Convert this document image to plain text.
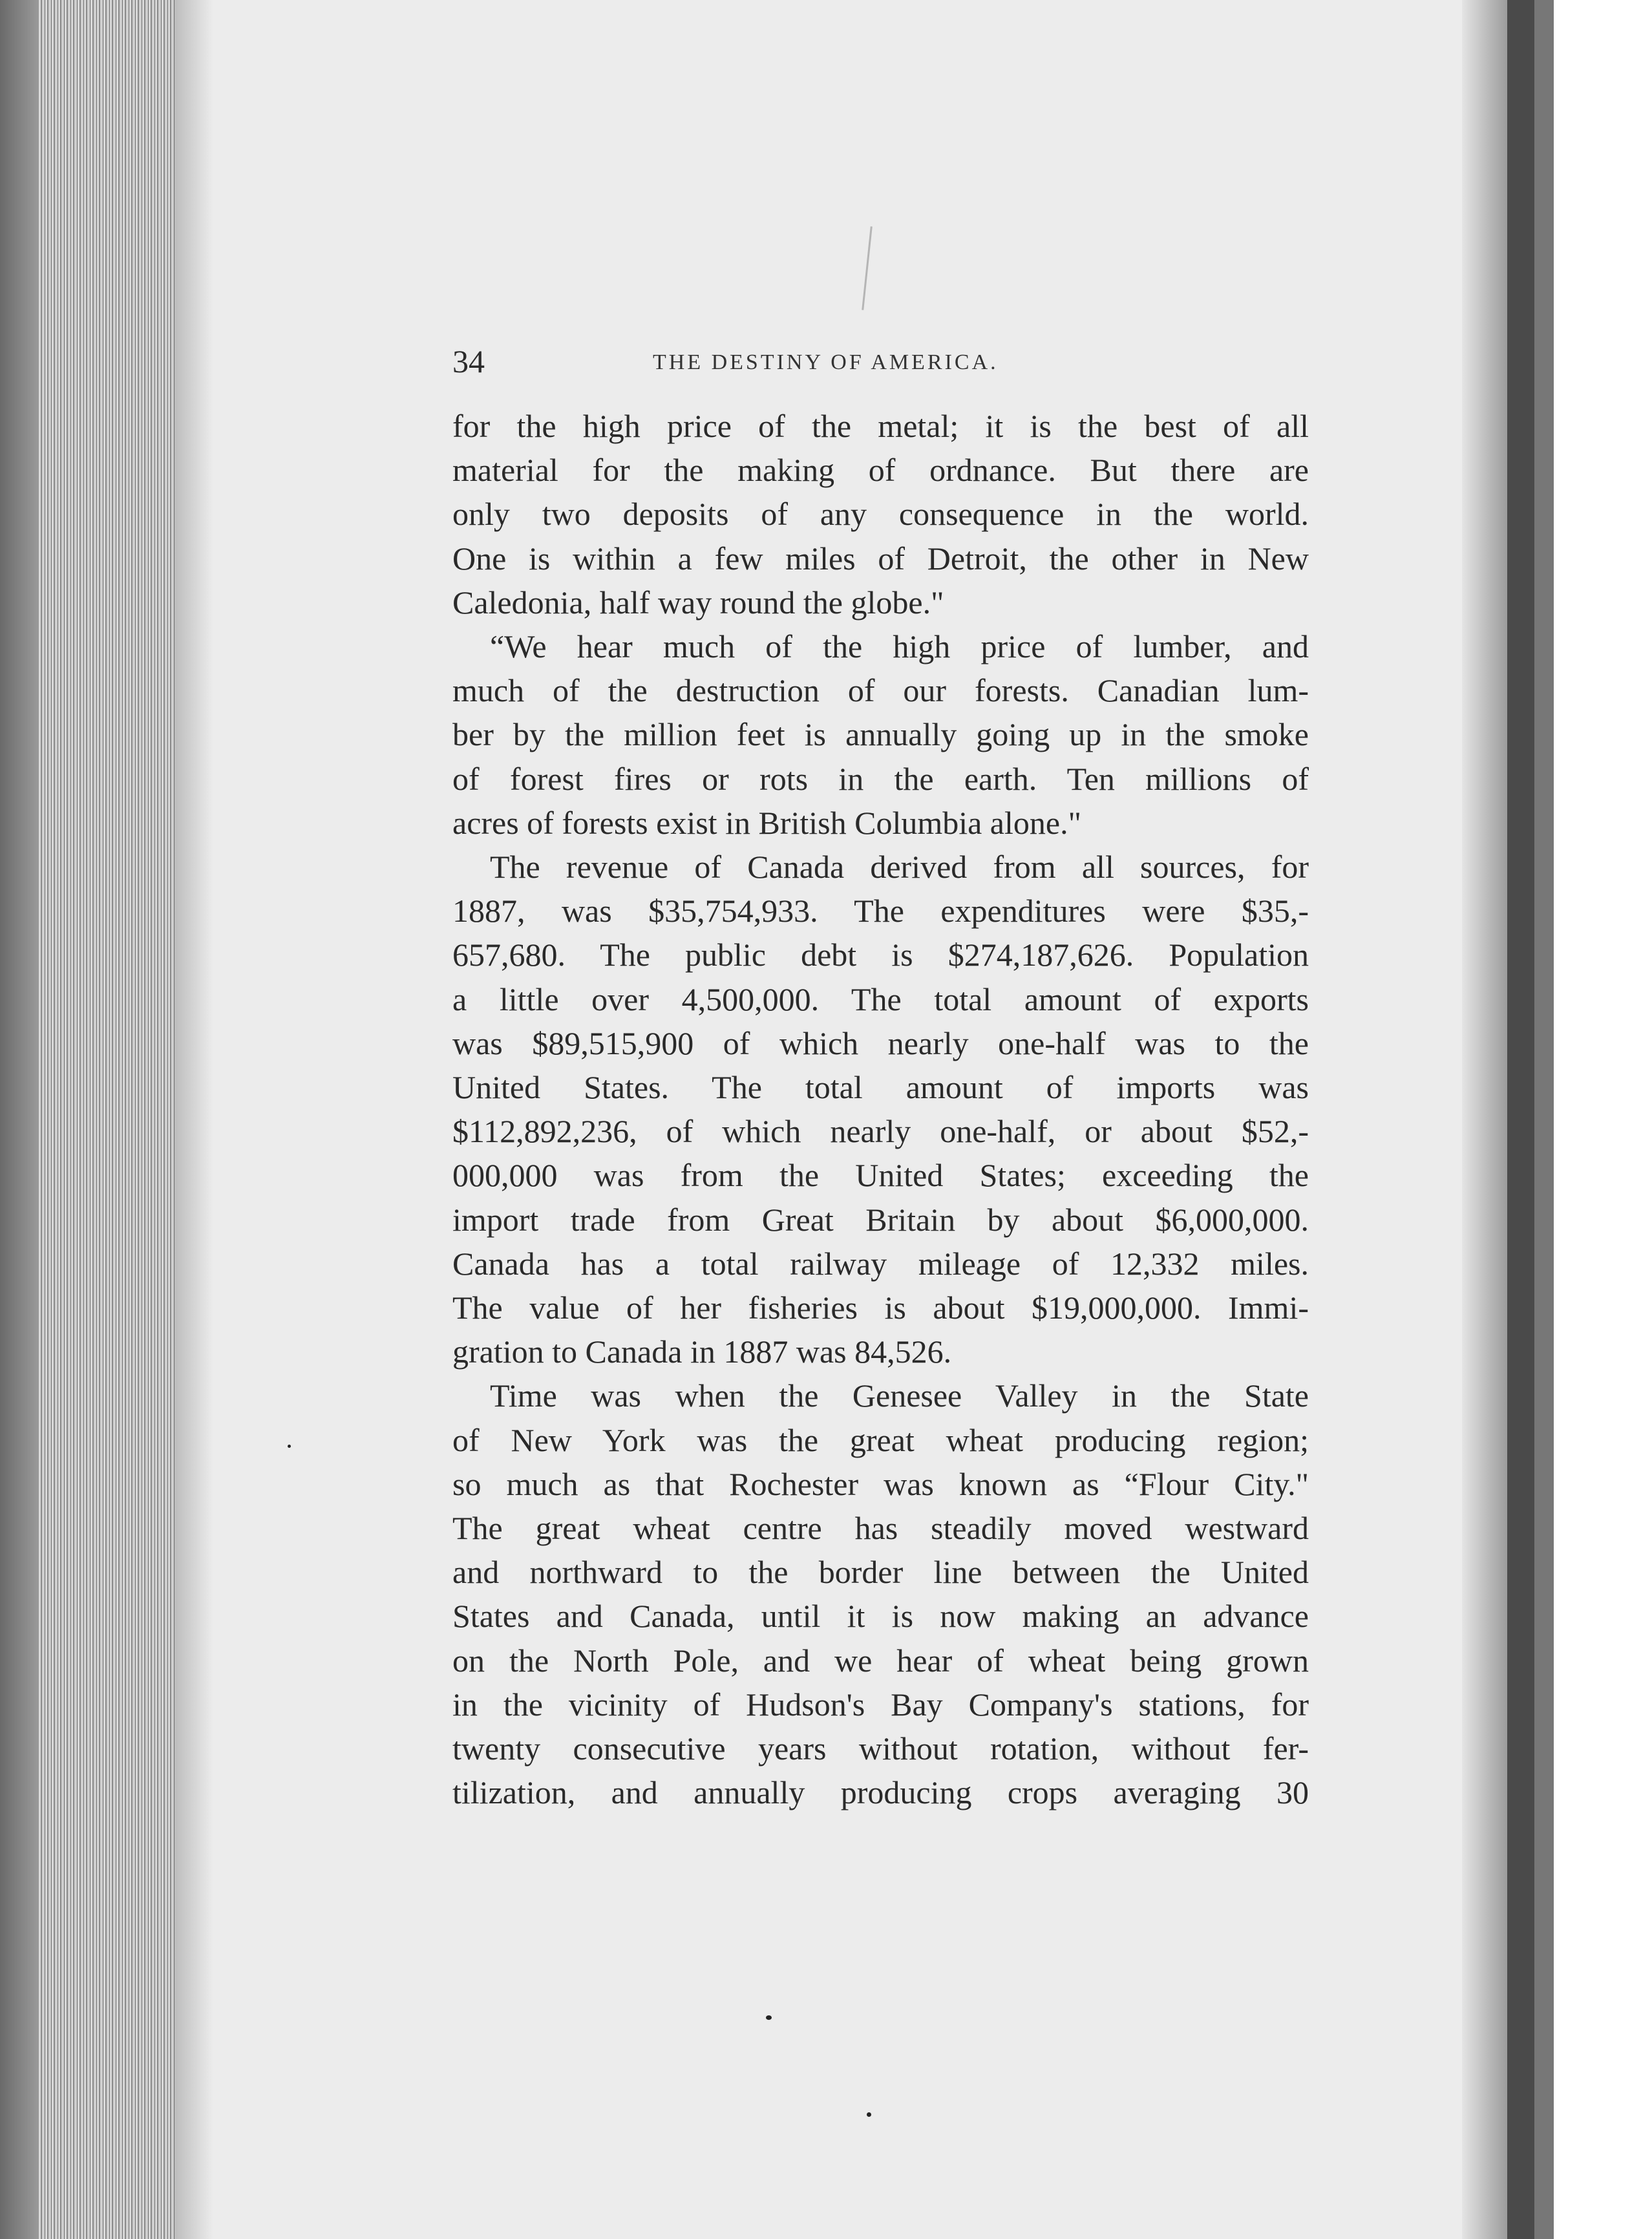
34	THE DESTINY OF AMERICA.

for the high price of the metal; it is the best of all

material for the making of ordnance. But there are

only two deposits of any consequence in the world.

One is within a few miles of Detroit, the other in New

Caledonia, half way round the globe."

“We hear much of the high price of lumber, and

much of the destruction of our forests. Canadian lum-

ber by the million feet is annually going up in the smoke

of forest fires or rots in the earth. Ten millions of

acres of forests exist in British Columbia alone."

The revenue of Canada derived from all sources, for

1887, was $35,754,933. The expenditures were $35,-

657,680. The public debt is $274,187,626. Population

a little over 4,500,000. The total amount of exports

was $89,515,900 of which nearly one-half was to the

United States. The total amount of imports was

$112,892,236, of which nearly one-half, or about $52,-

000,000 was from the United States; exceeding the

import trade from Great Britain by about $6,000,000.

Canada has a total railway mileage of 12,332 miles.

The value of her fisheries is about $19,000,000. Immi-

gration to Canada in 1887 was 84,526.

Time was when the Genesee Valley in the State

of New York was the great wheat producing region;

so much as that Rochester was known as “Flour City."

The great wheat centre has steadily moved westward

and northward to the border line between the United

States and Canada, until it is now making an advance

on the North Pole, and we hear of wheat being grown

in the vicinity of Hudson's Bay Company's stations, for

twenty consecutive years without rotation, without fer-

tilization, and annually producing crops averaging 30
